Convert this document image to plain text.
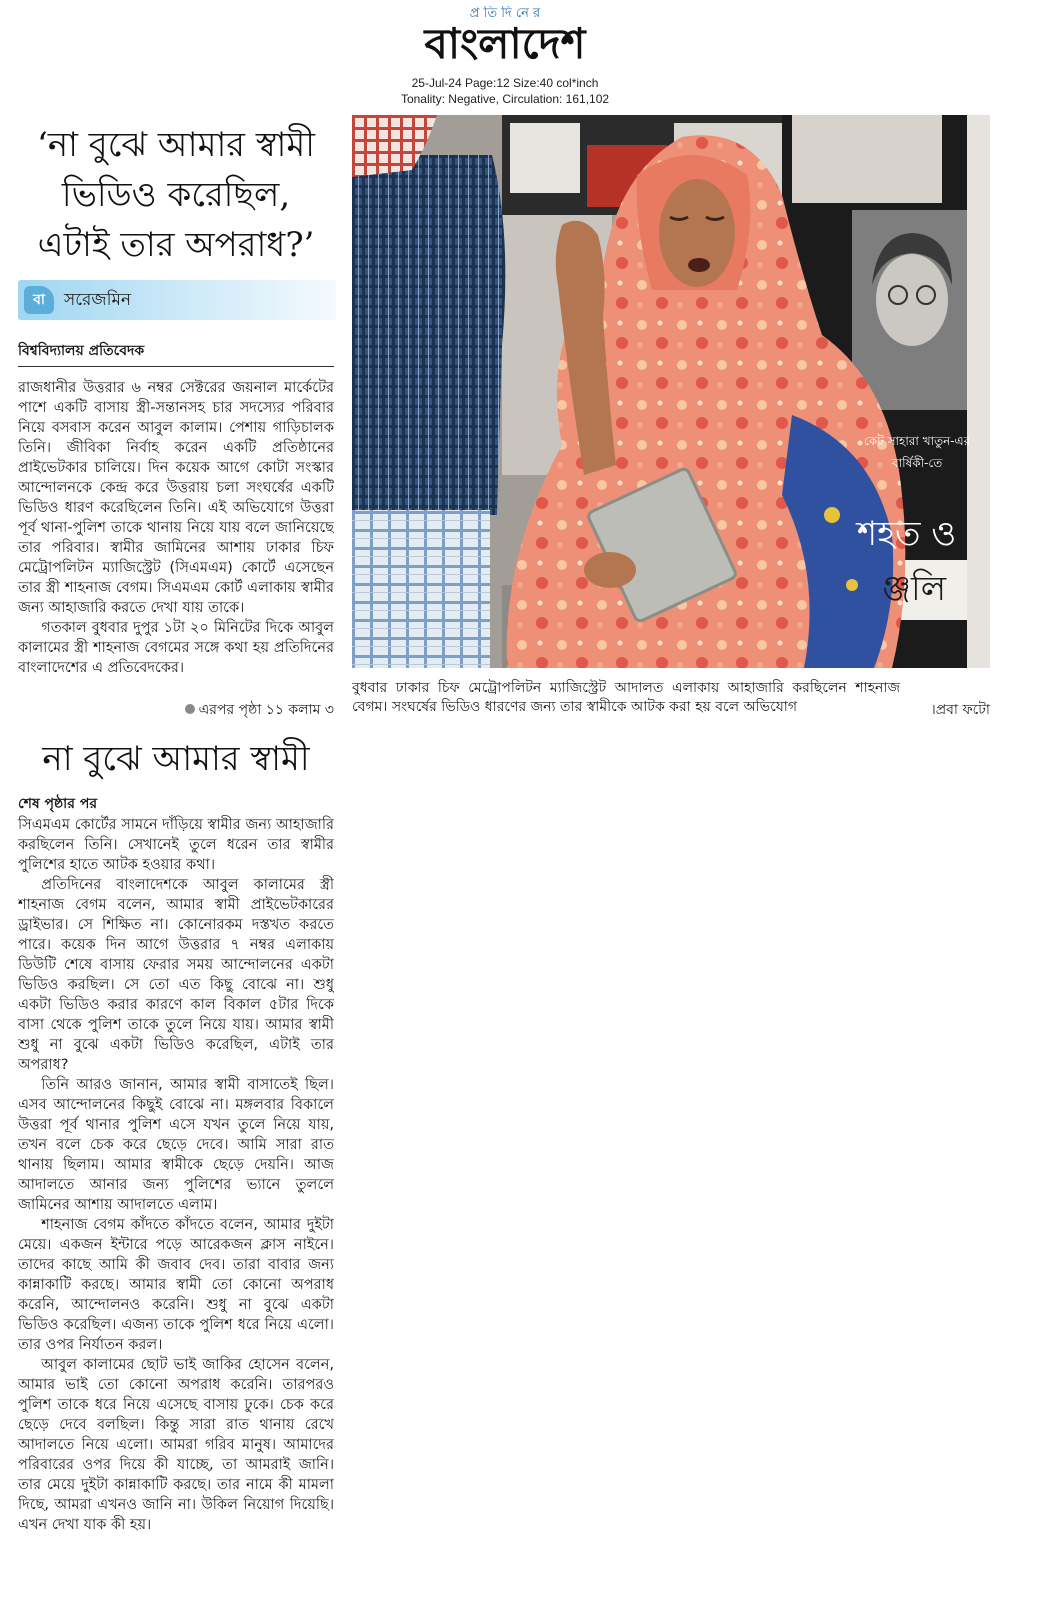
প্র তি দি নে র
বাংলাদেশ
25-Jul-24 Page:12 Size:40 col*inch
Tonality: Negative, Circulation: 161,102
‘না বুঝে আমার স্বামী
ভিডিও করেছিল,
এটাই তার অপরাধ?’
বা	সরেজমিন
বিশ্ববিদ্যালয় প্রতিবেদক

রাজধানীর উত্তরার ৬ নম্বর সেক্টরের জয়নাল মার্কেটের পাশে একটি বাসায় স্ত্রী-সন্তানসহ চার সদস্যের পরিবার নিয়ে বসবাস করেন আবুল কালাম। পেশায় গাড়িচালক তিনি। জীবিকা নির্বাহ করেন একটি প্রতিষ্ঠানের প্রাইভেটকার চালিয়ে। দিন কয়েক আগে কোটা সংস্কার আন্দোলনকে কেন্দ্র করে উত্তরায় চলা সংঘর্ষের একটি ভিডিও ধারণ করেছিলেন তিনি। এই অভিযোগে উত্তরা পূর্ব থানা-পুলিশ তাকে থানায় নিয়ে যায় বলে জানিয়েছে তার পরিবার। স্বামীর জামিনের আশায় ঢাকার চিফ মেট্রোপলিটন ম্যাজিস্ট্রেট (সিএমএম) কোর্টে এসেছেন তার স্ত্রী শাহনাজ বেগম। সিএমএম কোর্ট এলাকায় স্বামীর জন্য আহাজারি করতে দেখা যায় তাকে।

গতকাল বুধবার দুপুর ১টা ২০ মিনিটের দিকে আবুল কালামের স্ত্রী শাহনাজ বেগমের সঙ্গে কথা হয় প্রতিদিনের বাংলাদেশের এ প্রতিবেদকের।

এরপর পৃষ্ঠা ১১ কলাম ৩
না বুঝে আমার স্বামী
শেষ পৃষ্ঠার পর

সিএমএম কোর্টের সামনে দাঁড়িয়ে স্বামীর জন্য আহাজারি করছিলেন তিনি। সেখানেই তুলে ধরেন তার স্বামীর পুলিশের হাতে আটক হওয়ার কথা।

প্রতিদিনের বাংলাদেশকে আবুল কালামের স্ত্রী শাহনাজ বেগম বলেন, আমার স্বামী প্রাইভেটকারের ড্রাইভার। সে শিক্ষিত না। কোনোরকম দস্তখত করতে পারে। কয়েক দিন আগে উত্তরার ৭ নম্বর এলাকায় ডিউটি শেষে বাসায় ফেরার সময় আন্দোলনের একটা ভিডিও করছিল। সে তো এত কিছু বোঝে না। শুধু একটা ভিডিও করার কারণে কাল বিকাল ৫টার দিকে বাসা থেকে পুলিশ তাকে তুলে নিয়ে যায়। আমার স্বামী শুধু না বুঝে একটা ভিডিও করেছিল, এটাই তার অপরাধ?

তিনি আরও জানান, আমার স্বামী বাসাতেই ছিল। এসব আন্দোলনের কিছুই বোঝে না। মঙ্গলবার বিকালে উত্তরা পূর্ব থানার পুলিশ এসে যখন তুলে নিয়ে যায়, তখন বলে চেক করে ছেড়ে দেবে। আমি সারা রাত থানায় ছিলাম। আমার স্বামীকে ছেড়ে দেয়নি। আজ আদালতে আনার জন্য পুলিশের ভ্যানে তুললে জামিনের আশায় আদালতে এলাম।

শাহনাজ বেগম কাঁদতে কাঁদতে বলেন, আমার দুইটা মেয়ে। একজন ইন্টারে পড়ে আরেকজন ক্লাস নাইনে। তাদের কাছে আমি কী জবাব দেব। তারা বাবার জন্য কান্নাকাটি করছে। আমার স্বামী তো কোনো অপরাধ করেনি, আন্দোলনও করেনি। শুধু না বুঝে একটা ভিডিও করেছিল। এজন্য তাকে পুলিশ ধরে নিয়ে এলো। তার ওপর নির্যাতন করল।

আবুল কালামের ছোট ভাই জাকির হোসেন বলেন, আমার ভাই তো কোনো অপরাধ করেনি। তারপরও পুলিশ তাকে ধরে নিয়ে এসেছে বাসায় ঢুকে। চেক করে ছেড়ে দেবে বলছিল। কিন্তু সারা রাত থানায় রেখে আদালতে নিয়ে এলো। আমরা গরিব মানুষ। আমাদের পরিবারের ওপর দিয়ে কী যাচ্ছে, তা আমরাই জানি। তার মেয়ে দুইটা কান্নাকাটি করছে। তার নামে কী মামলা দিছে, আমরা এখনও জানি না। উকিল নিয়োগ দিয়েছি। এখন দেখা যাক কী হয়।

কেট সাহারা খাতুন-এর
বার্ষিকী-তে
শহত ও
ঞ্জলি
বুধবার ঢাকার চিফ মেট্রোপলিটন ম্যাজিস্ট্রেট আদালত এলাকায় আহাজারি করছিলেন শাহনাজ বেগম। সংঘর্ষের ভিডিও ধারণের জন্য তার স্বামীকে আটক করা হয় বলে অভিযোগ	।প্রবা ফটো
